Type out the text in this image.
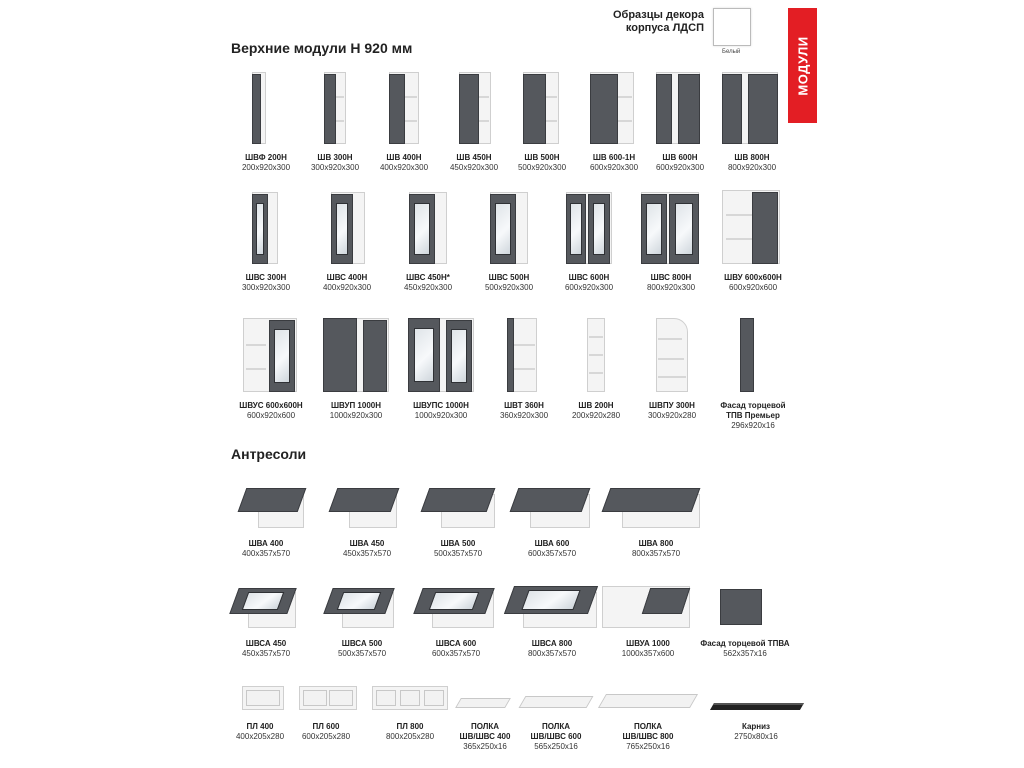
Верхние модули Н 920 мм
Образцы декора
корпуса ЛДСП
Белый	МОДУЛИ
ШВФ 200Н
200х920х300
ШВ 300Н
300х920х300
ШВ 400Н
400х920х300
ШВ 450Н
450х920х300
ШВ 500Н
500х920х300
ШВ 600-1Н
600х920х300
ШВ 600Н
600х920х300
ШВ 800Н
800х920х300
ШВС 300Н
300х920х300
ШВС 400Н
400х920х300
ШВС 450Н*
450х920х300
ШВС 500Н
500х920х300
ШВС 600Н
600х920х300
ШВС 800Н
800х920х300
ШВУ 600х600Н
600х920х600
ШВУС 600х600Н
600х920х600
ШВУП 1000Н
1000х920х300
ШВУПС 1000Н
1000х920х300
ШВТ 360Н
360х920х300
ШВ 200Н
200х920х280
ШВПУ 300Н
300х920х280
Фасад торцевой
ТПВ Премьер
296х920х16
Антресоли
ШВА 400
400х357х570
ШВА 450
450х357х570
ШВА 500
500х357х570
ШВА 600
600х357х570
ШВА 800
800х357х570
ШВСА 450
450х357х570
ШВСА 500
500х357х570
ШВСА 600
600х357х570
ШВСА 800
800х357х570
ШВУА 1000
1000х357х600
Фасад торцевой ТПВА
562х357х16
ПЛ 400
400х205х280
ПЛ 600
600х205х280
ПЛ 800
800х205х280
ПОЛКА
ШВ/ШВС 400
365х250х16
ПОЛКА
ШВ/ШВС 600
565х250х16
ПОЛКА
ШВ/ШВС 800
765х250х16
Карниз
2750х80х16
